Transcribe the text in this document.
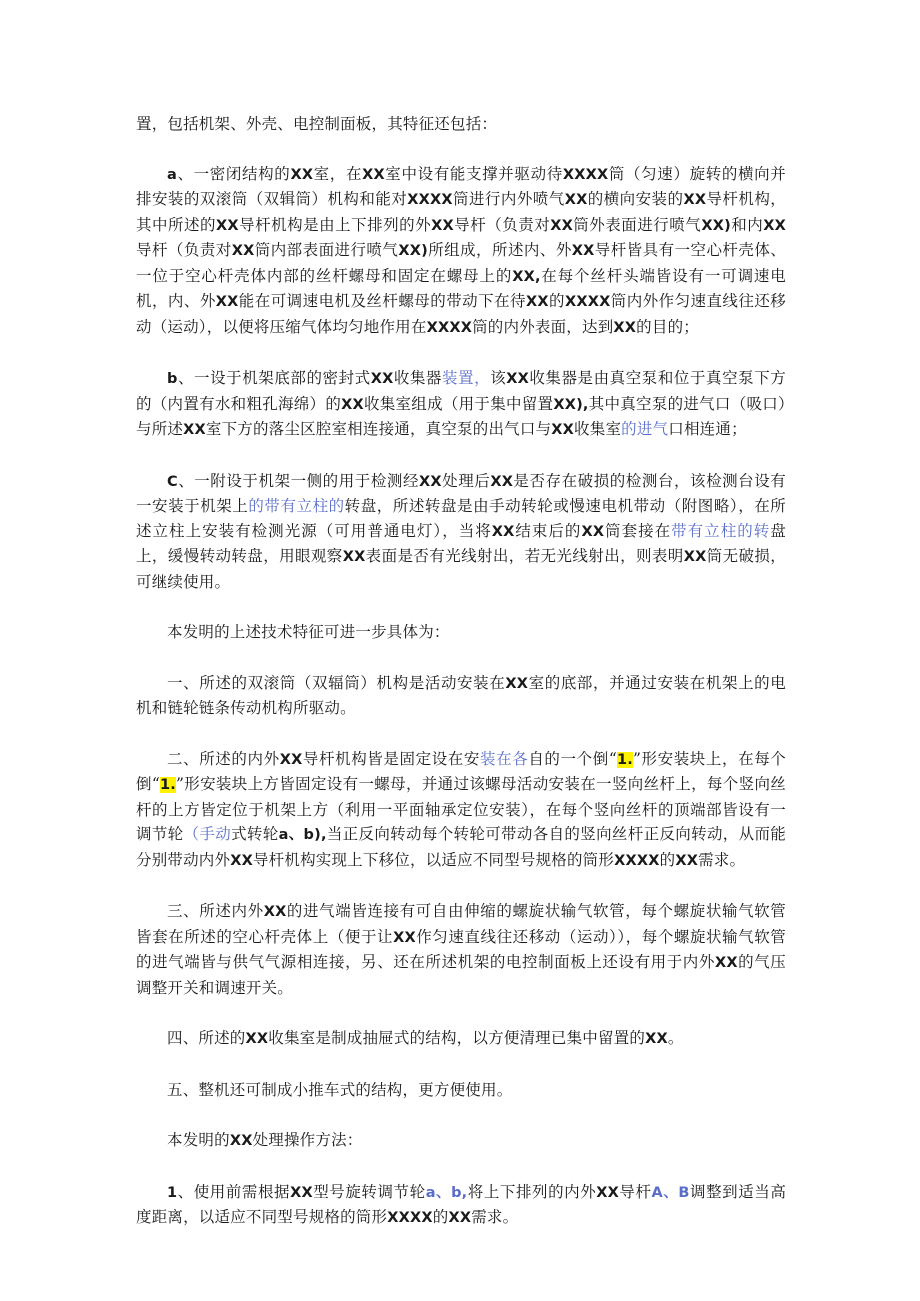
置，包括机架、外壳、电控制面板，其特征还包括：

a、一密闭结构的XX室，在XX室中设有能支撑并驱动待XXXX筒（匀速）旋转的横向并排安装的双滚筒（双辑筒）机构和能对XXXX筒进行内外喷气XX的横向安装的XX导杆机构，其中所述的XX导杆机构是由上下排列的外XX导杆（负责对XX筒外表面进行喷气XX)和内XX导杆（负责对XX筒内部表面进行喷气XX)所组成，所述内、外XX导杆皆具有一空心杆壳体、一位于空心杆壳体内部的丝杆螺母和固定在螺母上的XX,在每个丝杆头端皆设有一可调速电机，内、外XX能在可调速电机及丝杆螺母的带动下在待XX的XXXX筒内外作匀速直线往还移动（运动），以便将压缩气体均匀地作用在XXXX筒的内外表面，达到XX的目的；

b、一设于机架底部的密封式XX收集器装置，该XX收集器是由真空泵和位于真空泵下方的（内置有水和粗孔海绵）的XX收集室组成（用于集中留置XX),其中真空泵的进气口（吸口）与所述XX室下方的落尘区腔室相连接通，真空泵的出气口与XX收集室的进气口相连通；

C、一附设于机架一侧的用于检测经XX处理后XX是否存在破损的检测台，该检测台设有一安装于机架上的带有立柱的转盘，所述转盘是由手动转轮或慢速电机带动（附图略），在所述立柱上安装有检测光源（可用普通电灯），当将XX结束后的XX筒套接在带有立柱的转盘上，缓慢转动转盘，用眼观察XX表面是否有光线射出，若无光线射出，则表明XX筒无破损，可继续使用。

本发明的上述技术特征可进一步具体为：

一、所述的双滚筒（双辐筒）机构是活动安装在XX室的底部，并通过安装在机架上的电机和链轮链条传动机构所驱动。

二、所述的内外XX导杆机构皆是固定设在安装在各自的一个倒“1.”形安装块上，在每个倒“1.”形安装块上方皆固定设有一螺母，并通过该螺母活动安装在一竖向丝杆上，每个竖向丝杆的上方皆定位于机架上方（利用一平面轴承定位安装），在每个竖向丝杆的顶端部皆设有一调节轮（手动式转轮a、b),当正反向转动每个转轮可带动各自的竖向丝杆正反向转动，从而能分别带动内外XX导杆机构实现上下移位，以适应不同型号规格的筒形XXXX的XX需求。

三、所述内外XX的进气端皆连接有可自由伸缩的螺旋状输气软管，每个螺旋状输气软管皆套在所述的空心杆壳体上（便于让XX作匀速直线往还移动（运动）），每个螺旋状输气软管的进气端皆与供气气源相连接，另、还在所述机架的电控制面板上还设有用于内外XX的气压调整开关和调速开关。

四、所述的XX收集室是制成抽屉式的结构，以方便清理已集中留置的XX。

五、整机还可制成小推车式的结构，更方便使用。

本发明的XX处理操作方法：

1、使用前需根据XX型号旋转调节轮a、b,将上下排列的内外XX导杆A、B调整到适当高度距离，以适应不同型号规格的筒形XXXX的XX需求。
